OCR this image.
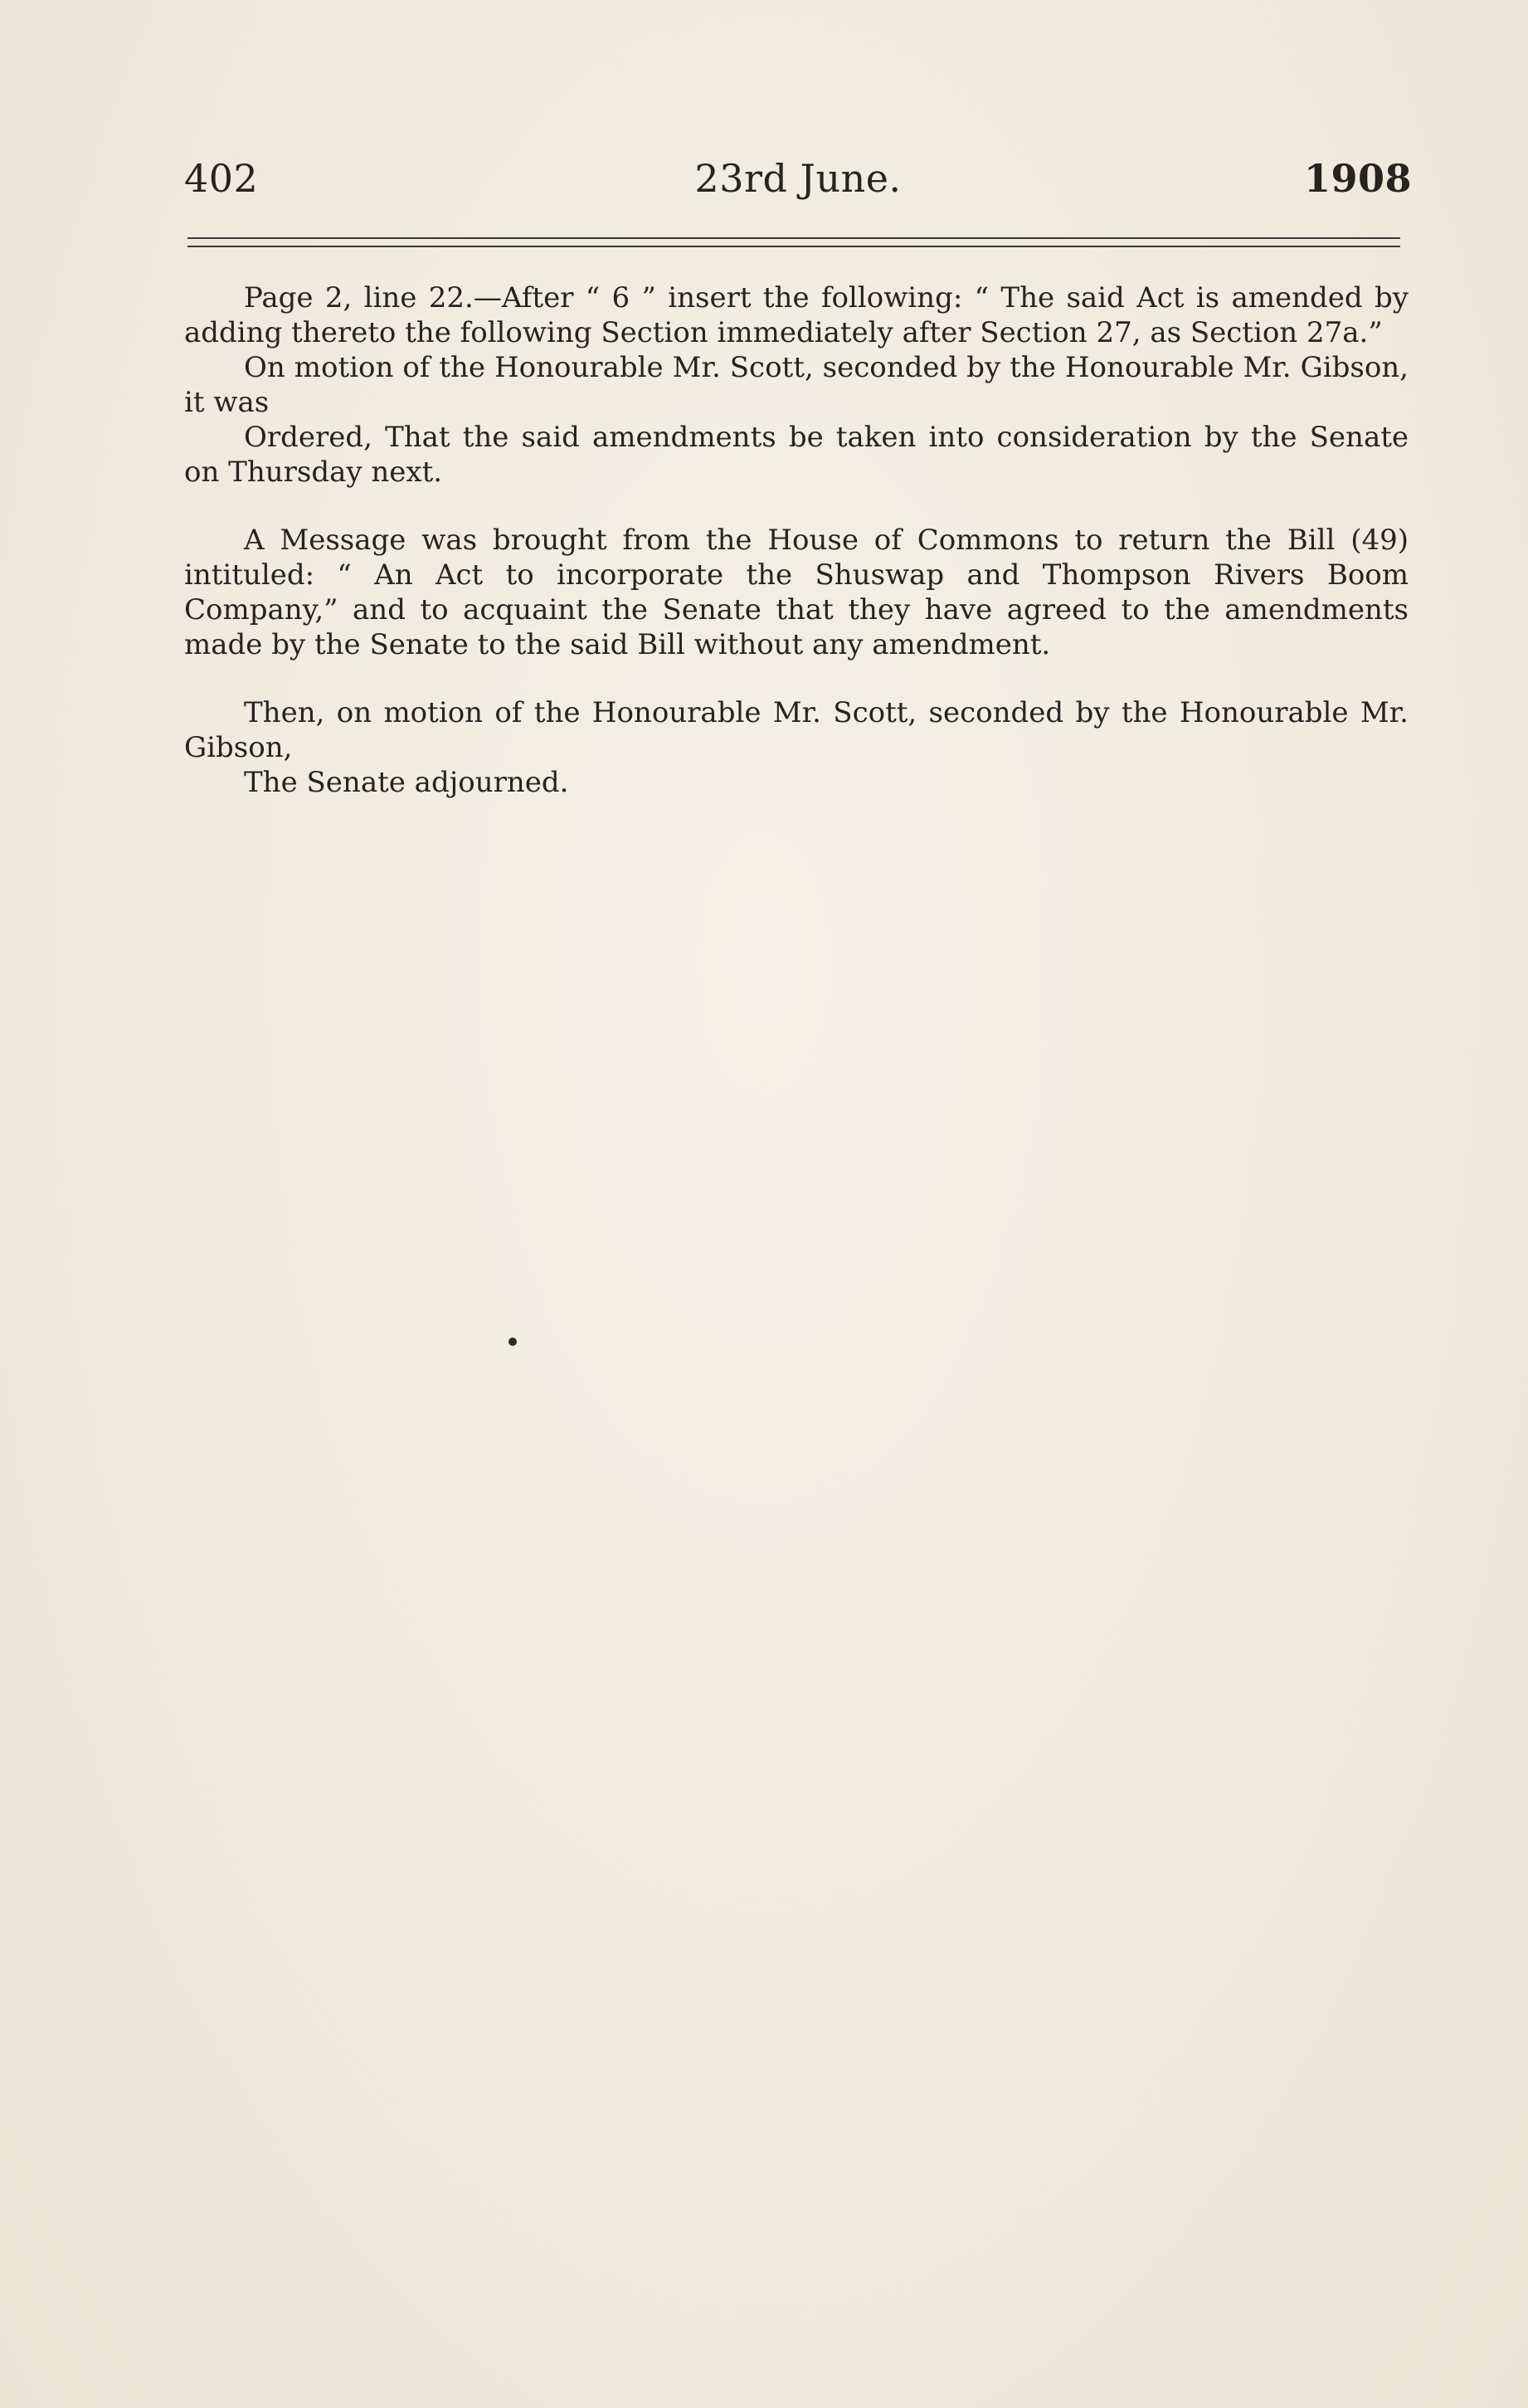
23rd June.
402	1908

Page 2, line 22.—After “ 6 ” insert the following: “ The said Act is amended by adding thereto the following Section immediately after Section 27, as Section 27a.”

On motion of the Honourable Mr. Scott, seconded by the Honourable Mr. Gibson, it was

Ordered, That the said amendments be taken into consideration by the Senate on Thursday next.

A Message was brought from the House of Commons to return the Bill (49) intituled: “ An Act to incorporate the Shuswap and Thompson Rivers Boom Company,” and to acquaint the Senate that they have agreed to the amendments made by the Senate to the said Bill without any amendment.

Then, on motion of the Honourable Mr. Scott, seconded by the Honourable Mr. Gibson,

The Senate adjourned.
